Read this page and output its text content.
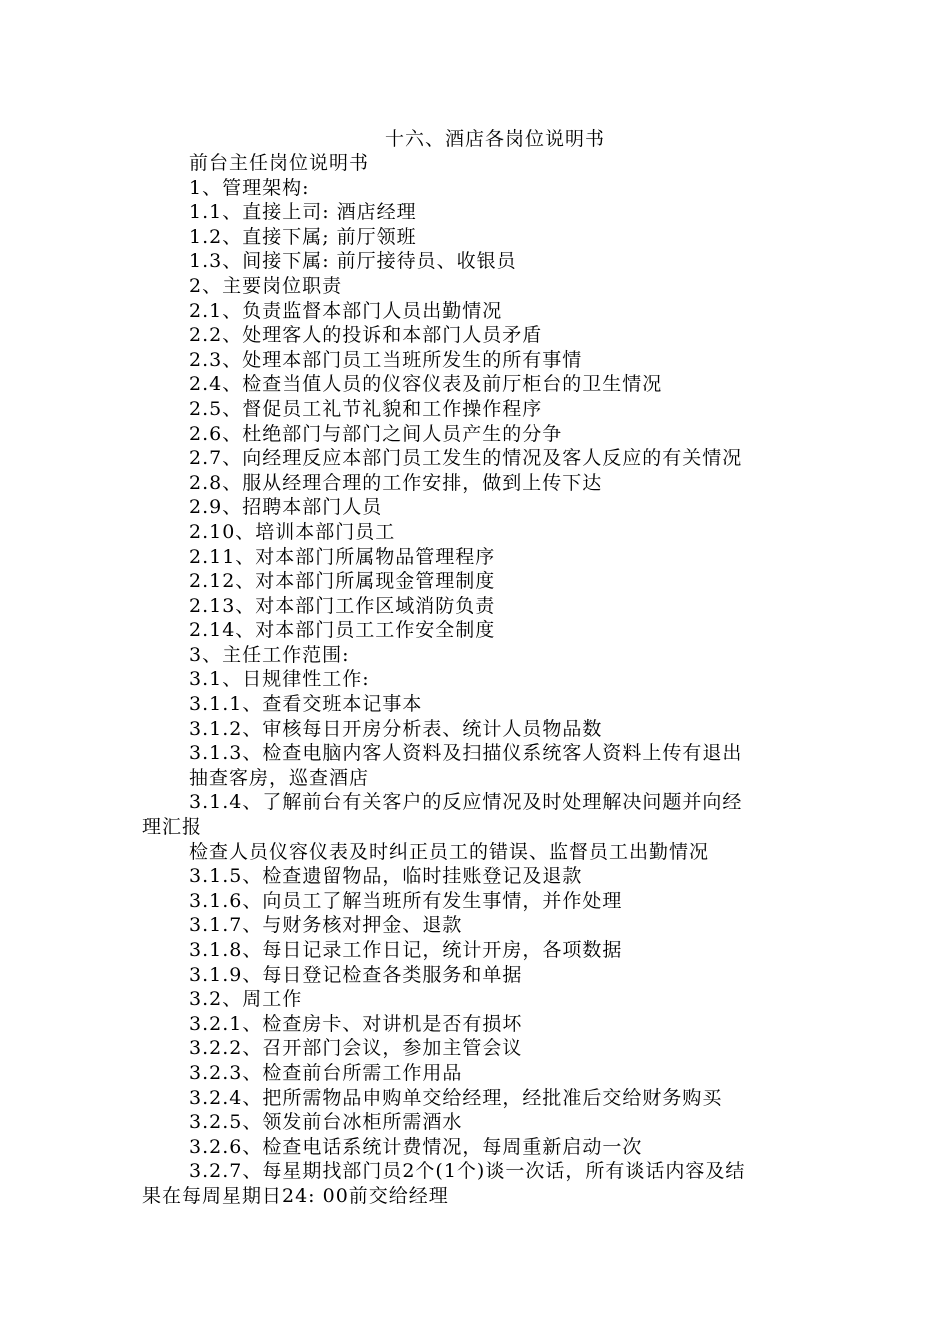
十六、酒店各岗位说明书
前台主任岗位说明书
1、管理架构:
1.1、直接上司: 酒店经理
1.2、直接下属; 前厅领班
1.3、间接下属: 前厅接待员、收银员
2、主要岗位职责
2.1、负责监督本部门人员出勤情况
2.2、处理客人的投诉和本部门人员矛盾
2.3、处理本部门员工当班所发生的所有事情
2.4、检查当值人员的仪容仪表及前厅柜台的卫生情况
2.5、督促员工礼节礼貌和工作操作程序
2.6、杜绝部门与部门之间人员产生的分争
2.7、向经理反应本部门员工发生的情况及客人反应的有关情况
2.8、服从经理合理的工作安排，做到上传下达
2.9、招聘本部门人员
2.10、培训本部门员工
2.11、对本部门所属物品管理程序
2.12、对本部门所属现金管理制度
2.13、对本部门工作区域消防负责
2.14、对本部门员工工作安全制度
3、主任工作范围:
3.1、日规律性工作:
3.1.1、查看交班本记事本
3.1.2、审核每日开房分析表、统计人员物品数
3.1.3、检查电脑内客人资料及扫描仪系统客人资料上传有退出
抽查客房，巡查酒店
3.1.4、了解前台有关客户的反应情况及时处理解决问题并向经
理汇报
检查人员仪容仪表及时纠正员工的错误、监督员工出勤情况
3.1.5、检查遗留物品，临时挂账登记及退款
3.1.6、向员工了解当班所有发生事情，并作处理
3.1.7、与财务核对押金、退款
3.1.8、每日记录工作日记，统计开房，各项数据
3.1.9、每日登记检查各类服务和单据
3.2、周工作
3.2.1、检查房卡、对讲机是否有损坏
3.2.2、召开部门会议，参加主管会议
3.2.3、检查前台所需工作用品
3.2.4、把所需物品申购单交给经理，经批准后交给财务购买
3.2.5、领发前台冰柜所需酒水
3.2.6、检查电话系统计费情况，每周重新启动一次
3.2.7、每星期找部门员2个(1个)谈一次话，所有谈话内容及结
果在每周星期日24: 00前交给经理
